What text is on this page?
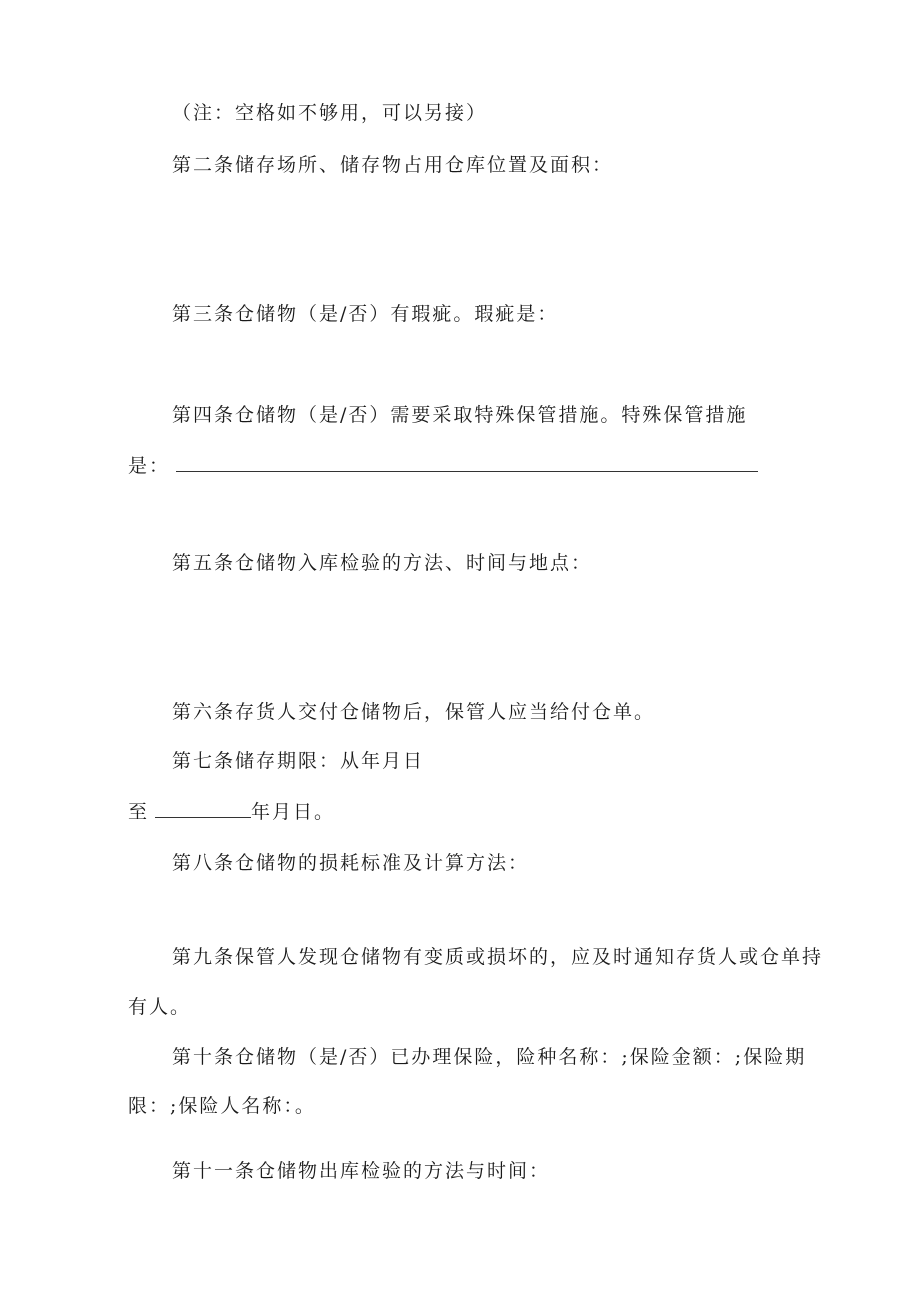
（注：空格如不够用，可以另接）
第二条储存场所、储存物占用仓库位置及面积：
第三条仓储物（是/否）有瑕疵。瑕疵是：
第四条仓储物（是/否）需要采取特殊保管措施。特殊保管措施
是：
第五条仓储物入库检验的方法、时间与地点：
第六条存货人交付仓储物后，保管人应当给付仓单。
第七条储存期限：从年月日
至	年月日。
第八条仓储物的损耗标准及计算方法：
第九条保管人发现仓储物有变质或损坏的，应及时通知存货人或仓单持
有人。
第十条仓储物（是/否）已办理保险，险种名称：;保险金额：;保险期
限：;保险人名称：。
第十一条仓储物出库检验的方法与时间：
